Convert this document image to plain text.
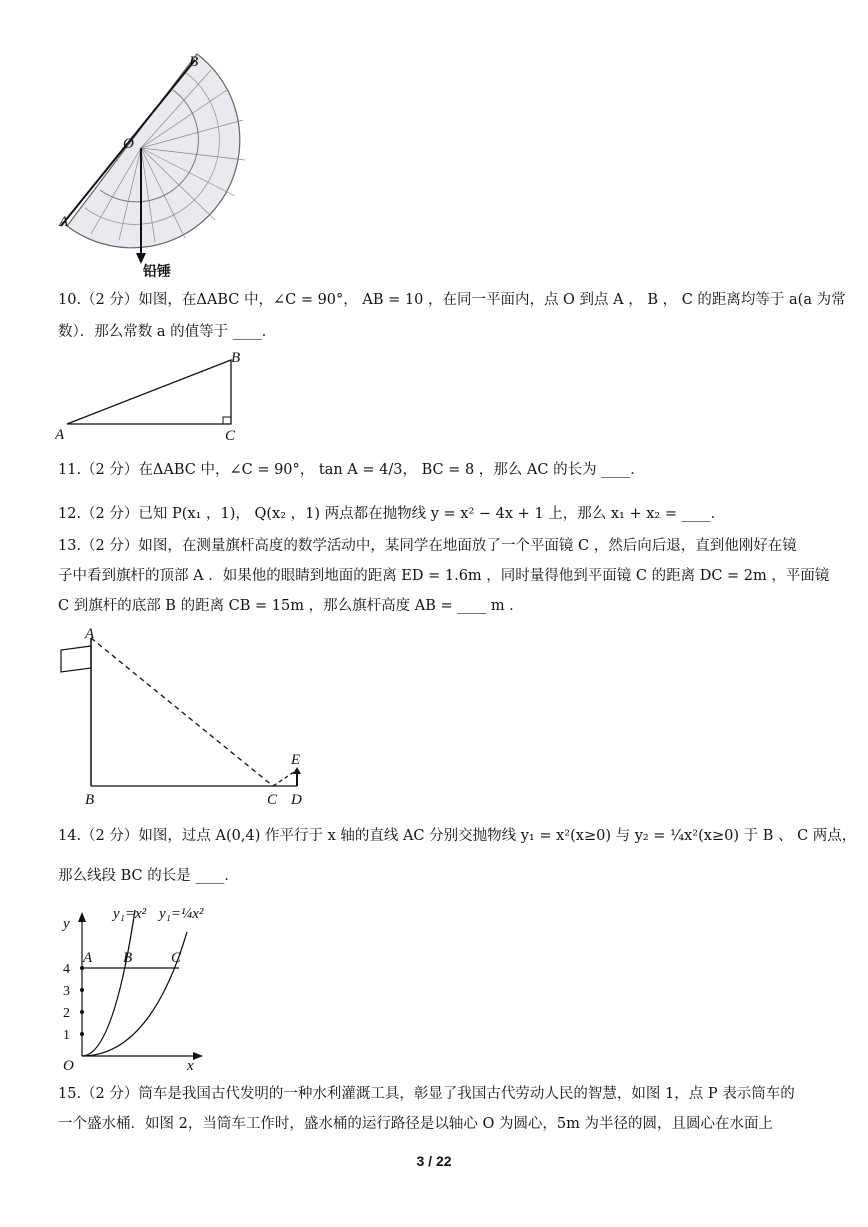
B
O
A
铅锤
10.（2 分）如图，在ΔABC 中，∠C = 90°， AB = 10 ，在同一平面内，点 O 到点 A ， B ， C 的距离均等于 a(a 为常
数）．那么常数 a 的值等于 ____．
A
B
C
11.（2 分）在ΔABC 中，∠C = 90°， tan A = 4/3， BC = 8 ，那么 AC 的长为 ____．
12.（2 分）已知 P(x₁ ，1)， Q(x₂ ，1) 两点都在抛物线 y = x² − 4x + 1 上，那么 x₁ + x₂ = ____．
13.（2 分）如图，在测量旗杆高度的数学活动中，某同学在地面放了一个平面镜 C ，然后向后退，直到他刚好在镜
子中看到旗杆的顶部 A ．如果他的眼睛到地面的距离 ED = 1.6m ，同时量得他到平面镜 C 的距离 DC = 2m ，平面镜
C 到旗杆的底部 B 的距离 CB = 15m ，那么旗杆高度 AB = ____ m ．
A
B	C D
E
14.（2 分）如图，过点 A(0,4) 作平行于 x 轴的直线 AC 分别交抛物线 y₁ = x²(x≥0) 与 y₂ = ¼x²(x≥0) 于 B 、 C 两点，
那么线段 BC 的长是 ____．
y
x
O
A B	C
y₁=x² y₁=¼x²
4
3
2
1
15.（2 分）筒车是我国古代发明的一种水利灌溉工具，彰显了我国古代劳动人民的智慧，如图 1，点 P 表示筒车的
一个盛水桶．如图 2，当筒车工作时，盛水桶的运行路径是以轴心 O 为圆心，5m 为半径的圆，且圆心在水面上
3 / 22
